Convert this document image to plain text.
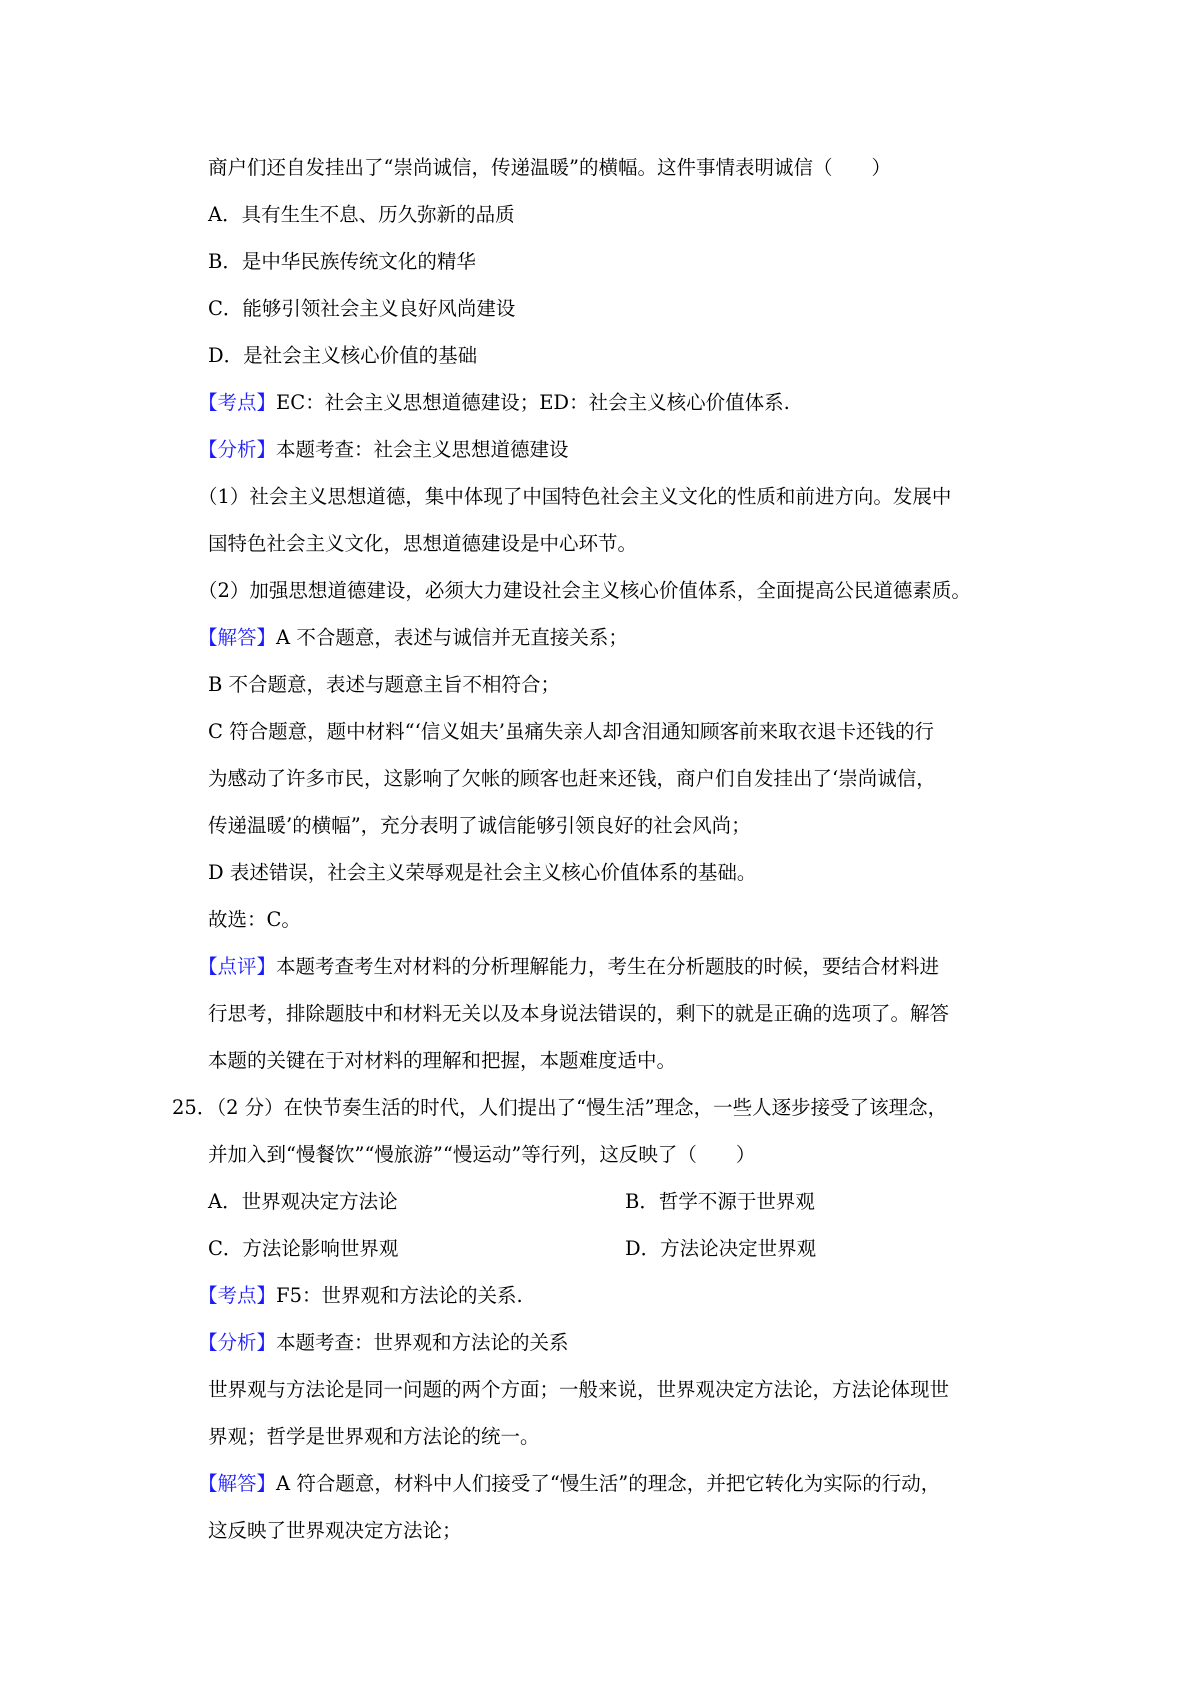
商户们还自发挂出了“崇尚诚信，传递温暖”的横幅。这件事情表明诚信（　　）
A．具有生生不息、历久弥新的品质
B．是中华民族传统文化的精华
C．能够引领社会主义良好风尚建设
D．是社会主义核心价值的基础
【考点】EC：社会主义思想道德建设；ED：社会主义核心价值体系.
【分析】本题考查：社会主义思想道德建设
（1）社会主义思想道德，集中体现了中国特色社会主义文化的性质和前进方向。发展中
国特色社会主义文化，思想道德建设是中心环节。
（2）加强思想道德建设，必须大力建设社会主义核心价值体系，全面提高公民道德素质。
【解答】A 不合题意，表述与诚信并无直接关系；
B 不合题意，表述与题意主旨不相符合；
C 符合题意，题中材料“‘信义姐夫’虽痛失亲人却含泪通知顾客前来取衣退卡还钱的行
为感动了许多市民，这影响了欠帐的顾客也赶来还钱，商户们自发挂出了‘崇尚诚信，
传递温暖’的横幅”，充分表明了诚信能够引领良好的社会风尚；
D 表述错误，社会主义荣辱观是社会主义核心价值体系的基础。
故选：C。
【点评】本题考查考生对材料的分析理解能力，考生在分析题肢的时候，要结合材料进
行思考，排除题肢中和材料无关以及本身说法错误的，剩下的就是正确的选项了。解答
本题的关键在于对材料的理解和把握，本题难度适中。
25．（2 分）在快节奏生活的时代，人们提出了“慢生活”理念，一些人逐步接受了该理念，
并加入到“慢餐饮”“慢旅游”“慢运动”等行列，这反映了（　　）
A．世界观决定方法论	B．哲学不源于世界观
C．方法论影响世界观	D．方法论决定世界观
【考点】F5：世界观和方法论的关系.
【分析】本题考查：世界观和方法论的关系
世界观与方法论是同一问题的两个方面；一般来说，世界观决定方法论，方法论体现世
界观；哲学是世界观和方法论的统一。
【解答】A 符合题意，材料中人们接受了“慢生活”的理念，并把它转化为实际的行动，
这反映了世界观决定方法论；
